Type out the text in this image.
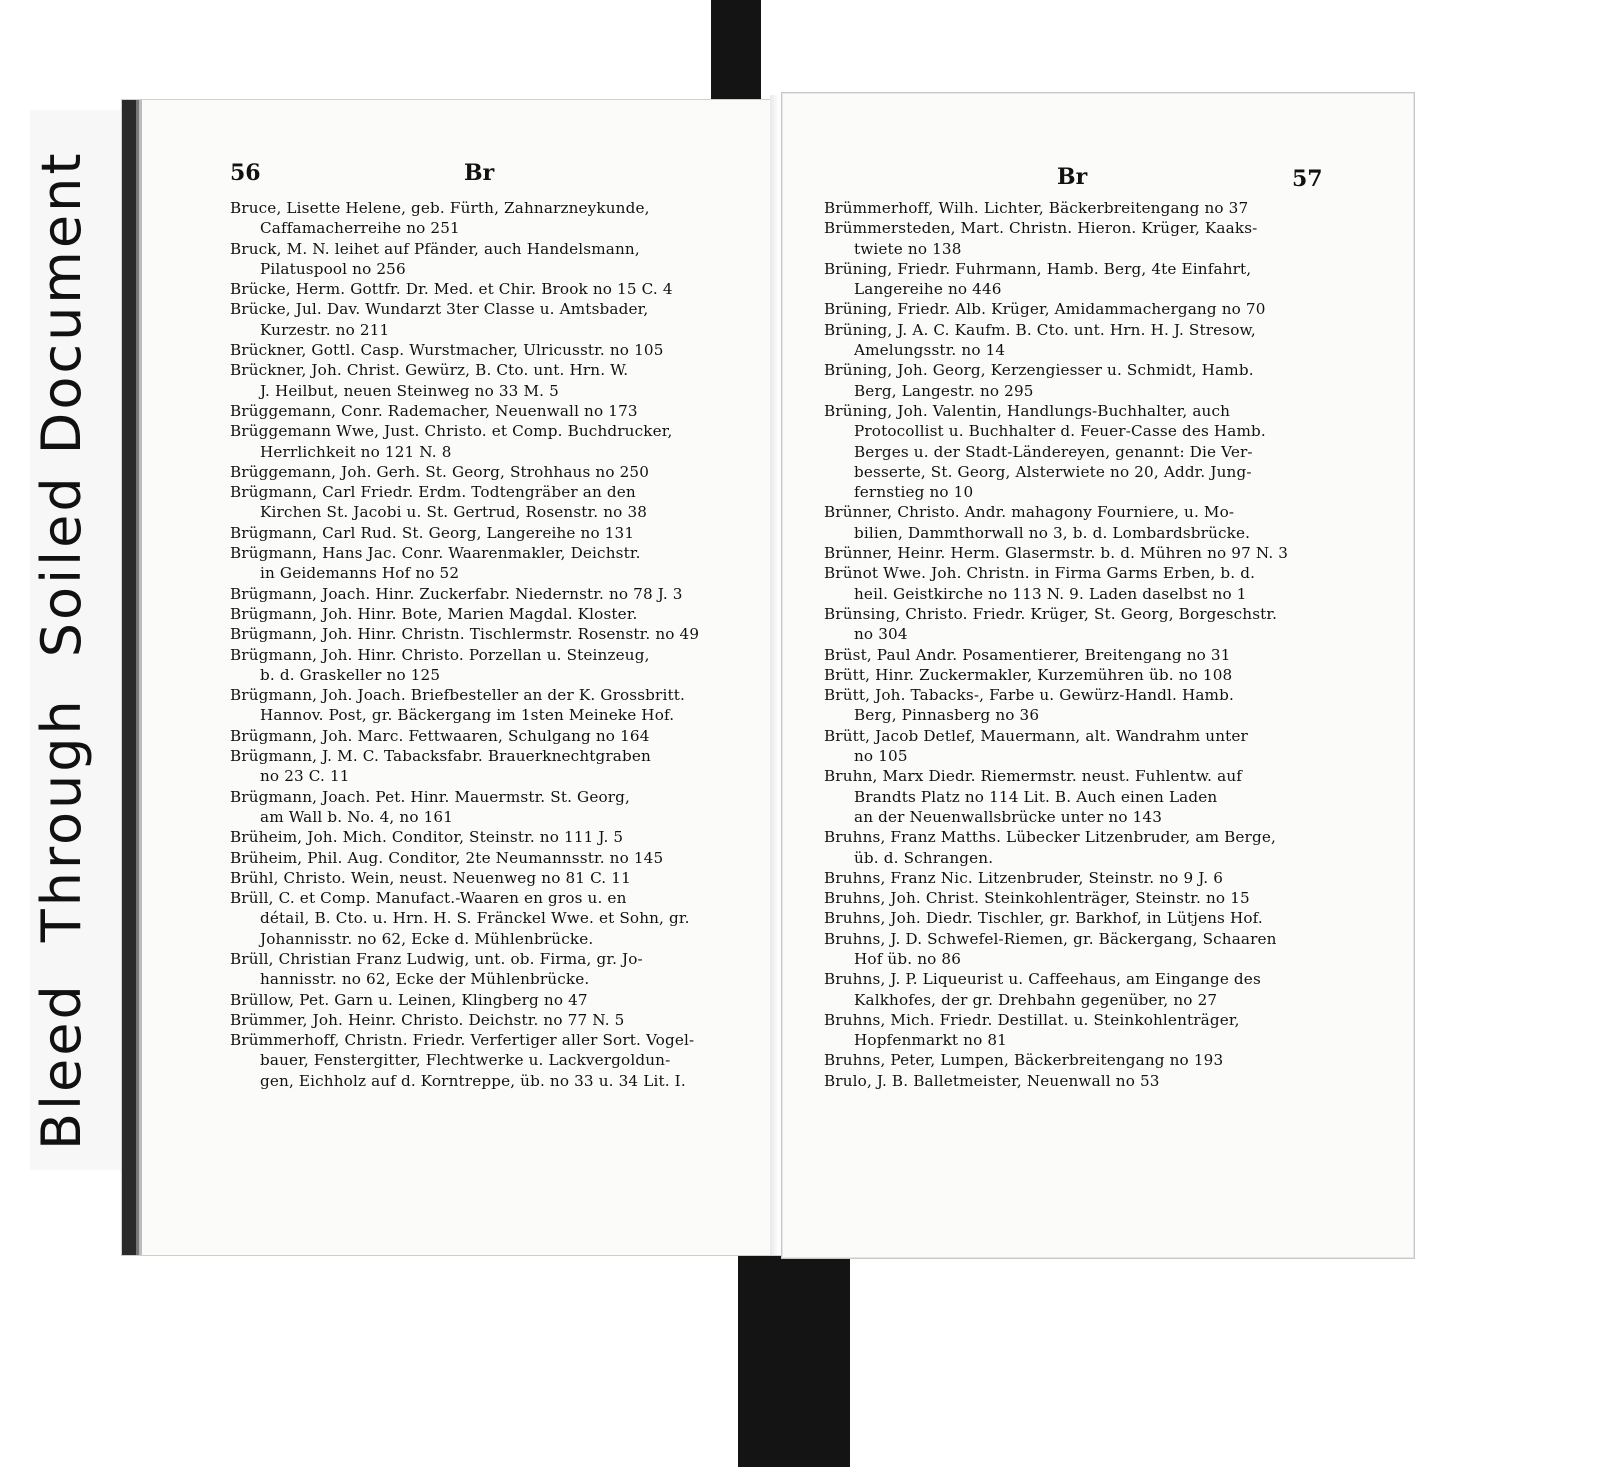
BleedThroughSoiled Document	56	Br	Br	57
Bruce, Lisette Helene, geb. Fürth, Zahnarzneykunde,
Caffamacherreihe no 251
Bruck, M. N. leihet auf Pfänder, auch Handelsmann,
Pilatuspool no 256
Brücke, Herm. Gottfr. Dr. Med. et Chir. Brook no 15 C. 4
Brücke, Jul. Dav. Wundarzt 3ter Classe u. Amtsbader,
Kurzestr. no 211
Brückner, Gottl. Casp. Wurstmacher, Ulricusstr. no 105
Brückner, Joh. Christ. Gewürz, B. Cto. unt. Hrn. W.
J. Heilbut, neuen Steinweg no 33 M. 5
Brüggemann, Conr. Rademacher, Neuenwall no 173
Brüggemann Wwe, Just. Christo. et Comp. Buchdrucker,
Herrlichkeit no 121 N. 8
Brüggemann, Joh. Gerh. St. Georg, Strohhaus no 250
Brügmann, Carl Friedr. Erdm. Todtengräber an den
Kirchen St. Jacobi u. St. Gertrud, Rosenstr. no 38
Brügmann, Carl Rud. St. Georg, Langereihe no 131
Brügmann, Hans Jac. Conr. Waarenmakler, Deichstr.
in Geidemanns Hof no 52
Brügmann, Joach. Hinr. Zuckerfabr. Niedernstr. no 78 J. 3
Brügmann, Joh. Hinr. Bote, Marien Magdal. Kloster.
Brügmann, Joh. Hinr. Christn. Tischlermstr. Rosenstr. no 49
Brügmann, Joh. Hinr. Christo. Porzellan u. Steinzeug,
b. d. Graskeller no 125
Brügmann, Joh. Joach. Briefbesteller an der K. Grossbritt.
Hannov. Post, gr. Bäckergang im 1sten Meineke Hof.
Brügmann, Joh. Marc. Fettwaaren, Schulgang no 164
Brügmann, J. M. C. Tabacksfabr. Brauerknechtgraben
no 23 C. 11
Brügmann, Joach. Pet. Hinr. Mauermstr. St. Georg,
am Wall b. No. 4, no 161
Brüheim, Joh. Mich. Conditor, Steinstr. no 111 J. 5
Brüheim, Phil. Aug. Conditor, 2te Neumannsstr. no 145
Brühl, Christo. Wein, neust. Neuenweg no 81 C. 11
Brüll, C. et Comp. Manufact.-Waaren en gros u. en
détail, B. Cto. u. Hrn. H. S. Fränckel Wwe. et Sohn, gr.
Johannisstr. no 62, Ecke d. Mühlenbrücke.
Brüll, Christian Franz Ludwig, unt. ob. Firma, gr. Jo-
hannisstr. no 62, Ecke der Mühlenbrücke.
Brüllow, Pet. Garn u. Leinen, Klingberg no 47
Brümmer, Joh. Heinr. Christo. Deichstr. no 77 N. 5
Brümmerhoff, Christn. Friedr. Verfertiger aller Sort. Vogel-
bauer, Fenstergitter, Flechtwerke u. Lackvergoldun-
gen, Eichholz auf d. Korntreppe, üb. no 33 u. 34 Lit. I.
Brümmerhoff, Wilh. Lichter, Bäckerbreitengang no 37
Brümmersteden, Mart. Christn. Hieron. Krüger, Kaaks-
twiete no 138
Brüning, Friedr. Fuhrmann, Hamb. Berg, 4te Einfahrt,
Langereihe no 446
Brüning, Friedr. Alb. Krüger, Amidammachergang no 70
Brüning, J. A. C. Kaufm. B. Cto. unt. Hrn. H. J. Stresow,
Amelungsstr. no 14
Brüning, Joh. Georg, Kerzengiesser u. Schmidt, Hamb.
Berg, Langestr. no 295
Brüning, Joh. Valentin, Handlungs-Buchhalter, auch
Protocollist u. Buchhalter d. Feuer-Casse des Hamb.
Berges u. der Stadt-Ländereyen, genannt: Die Ver-
besserte, St. Georg, Alsterwiete no 20, Addr. Jung-
fernstieg no 10
Brünner, Christo. Andr. mahagony Fourniere, u. Mo-
bilien, Dammthorwall no 3, b. d. Lombardsbrücke.
Brünner, Heinr. Herm. Glasermstr. b. d. Mühren no 97 N. 3
Brünot Wwe. Joh. Christn. in Firma Garms Erben, b. d.
heil. Geistkirche no 113 N. 9. Laden daselbst no 1
Brünsing, Christo. Friedr. Krüger, St. Georg, Borgeschstr.
no 304
Brüst, Paul Andr. Posamentierer, Breitengang no 31
Brütt, Hinr. Zuckermakler, Kurzemühren üb. no 108
Brütt, Joh. Tabacks-, Farbe u. Gewürz-Handl. Hamb.
Berg, Pinnasberg no 36
Brütt, Jacob Detlef, Mauermann, alt. Wandrahm unter
no 105
Bruhn, Marx Diedr. Riemermstr. neust. Fuhlentw. auf
Brandts Platz no 114 Lit. B. Auch einen Laden
an der Neuenwallsbrücke unter no 143
Bruhns, Franz Matths. Lübecker Litzenbruder, am Berge,
üb. d. Schrangen.
Bruhns, Franz Nic. Litzenbruder, Steinstr. no 9 J. 6
Bruhns, Joh. Christ. Steinkohlenträger, Steinstr. no 15
Bruhns, Joh. Diedr. Tischler, gr. Barkhof, in Lütjens Hof.
Bruhns, J. D. Schwefel-Riemen, gr. Bäckergang, Schaaren
Hof üb. no 86
Bruhns, J. P. Liqueurist u. Caffeehaus, am Eingange des
Kalkhofes, der gr. Drehbahn gegenüber, no 27
Bruhns, Mich. Friedr. Destillat. u. Steinkohlenträger,
Hopfenmarkt no 81
Bruhns, Peter, Lumpen, Bäckerbreitengang no 193
Brulo, J. B. Balletmeister, Neuenwall no 53
